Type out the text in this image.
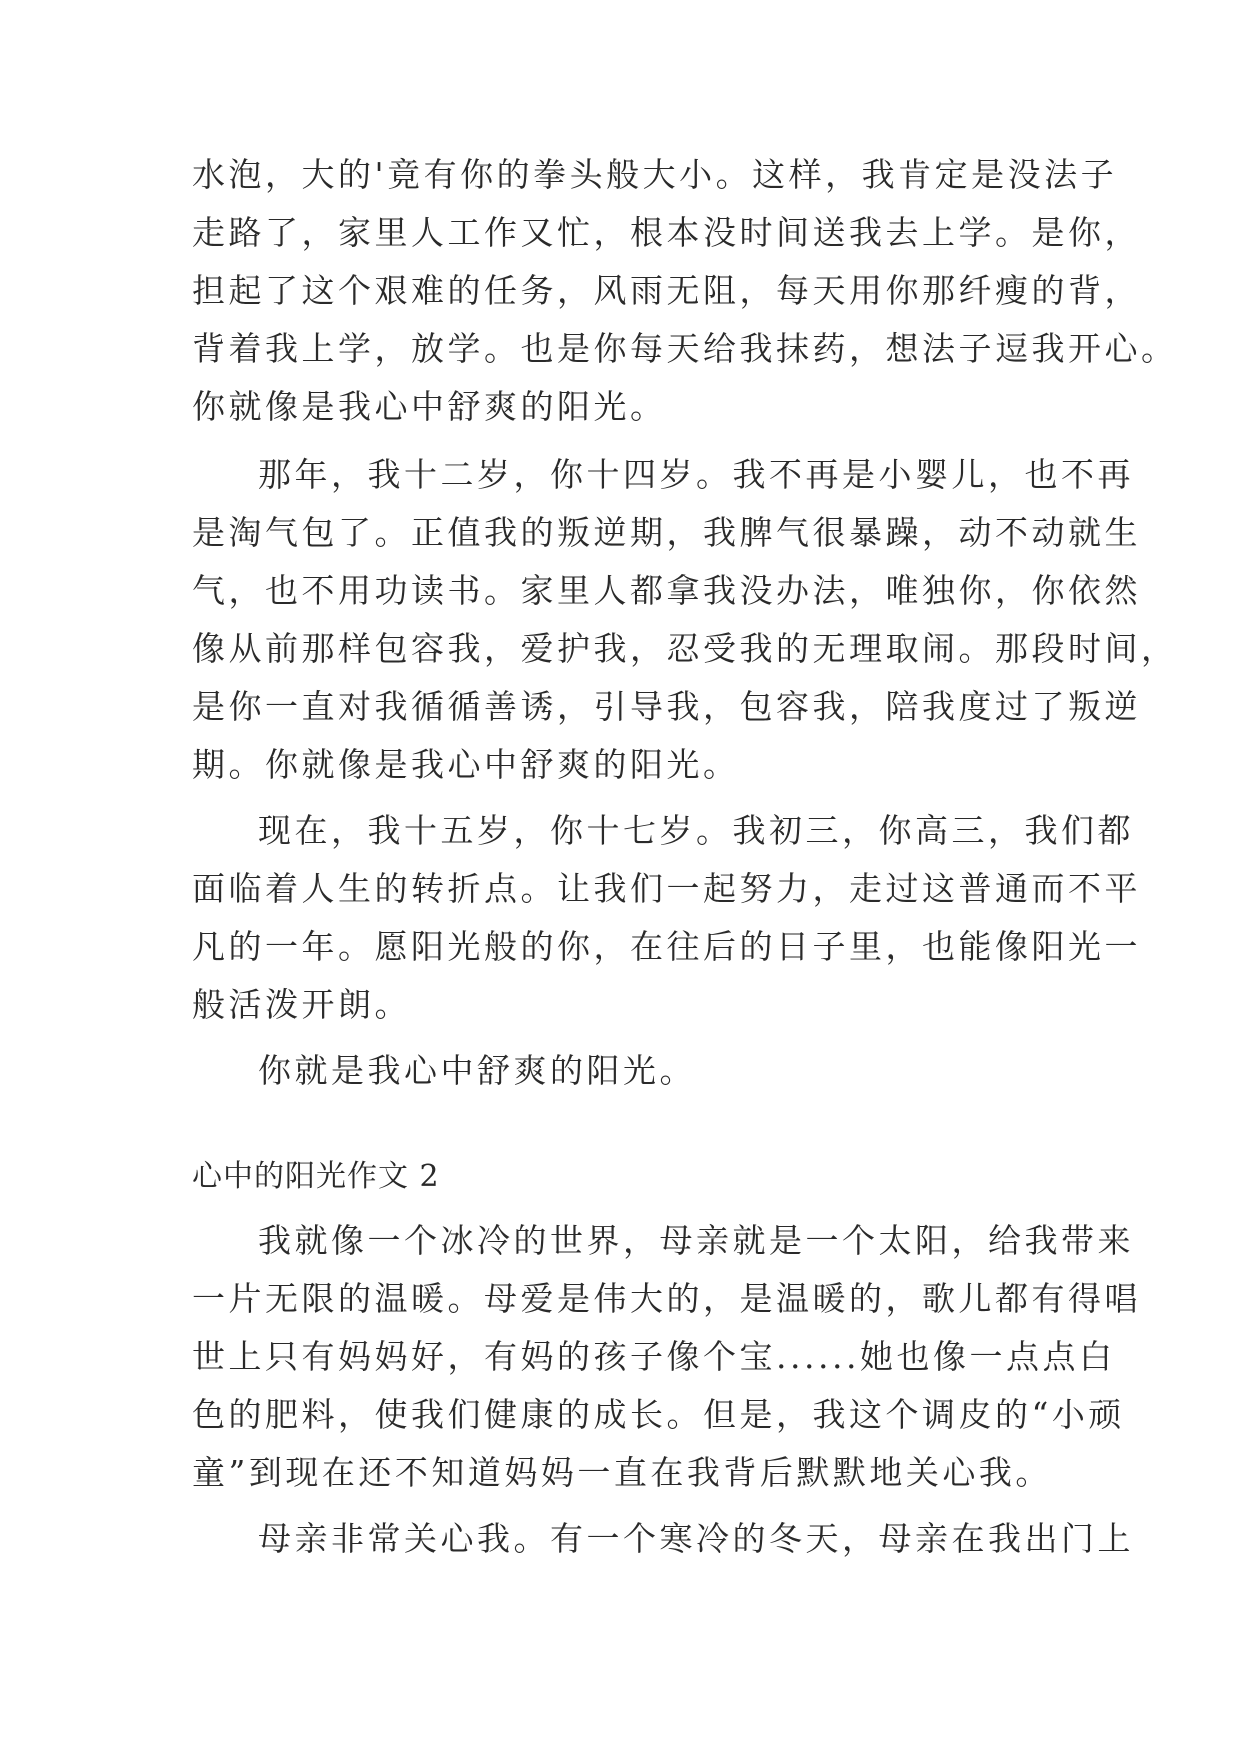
水泡，大的'竟有你的拳头般大小。这样，我肯定是没法子
走路了，家里人工作又忙，根本没时间送我去上学。是你，
担起了这个艰难的任务，风雨无阻，每天用你那纤瘦的背，
背着我上学，放学。也是你每天给我抹药，想法子逗我开心。
你就像是我心中舒爽的阳光。
那年，我十二岁，你十四岁。我不再是小婴儿，也不再
是淘气包了。正值我的叛逆期，我脾气很暴躁，动不动就生
气，也不用功读书。家里人都拿我没办法，唯独你，你依然
像从前那样包容我，爱护我，忍受我的无理取闹。那段时间，
是你一直对我循循善诱，引导我，包容我，陪我度过了叛逆
期。你就像是我心中舒爽的阳光。
现在，我十五岁，你十七岁。我初三，你高三，我们都
面临着人生的转折点。让我们一起努力，走过这普通而不平
凡的一年。愿阳光般的你，在往后的日子里，也能像阳光一
般活泼开朗。
你就是我心中舒爽的阳光。
心中的阳光作文 2
我就像一个冰冷的世界，母亲就是一个太阳，给我带来
一片无限的温暖。母爱是伟大的，是温暖的，歌儿都有得唱
世上只有妈妈好，有妈的孩子像个宝......她也像一点点白
色的肥料，使我们健康的成长。但是，我这个调皮的“小顽
童”到现在还不知道妈妈一直在我背后默默地关心我。
母亲非常关心我。有一个寒冷的冬天，母亲在我出门上
